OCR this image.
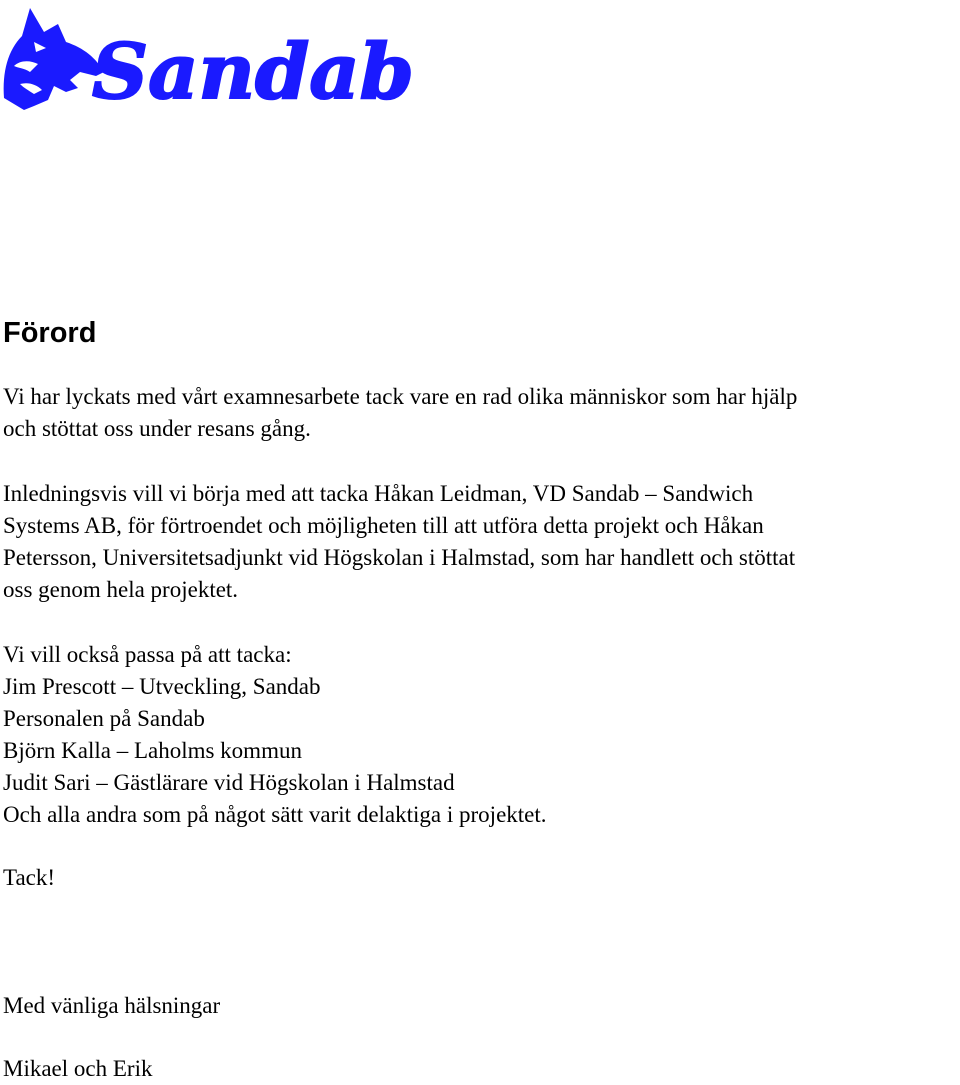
Sandab
Förord

Vi har lyckats med vårt examnesarbete tack vare en rad olika människor som har hjälp

och stöttat oss under resans gång.

Inledningsvis vill vi börja med att tacka Håkan Leidman, VD Sandab – Sandwich

Systems AB, för förtroendet och möjligheten till att utföra detta projekt och Håkan

Petersson, Universitetsadjunkt vid Högskolan i Halmstad, som har handlett och stöttat

oss genom hela projektet.

Vi vill också passa på att tacka:

Jim Prescott – Utveckling, Sandab

Personalen på Sandab

Björn Kalla – Laholms kommun

Judit Sari – Gästlärare vid Högskolan i Halmstad

Och alla andra som på något sätt varit delaktiga i projektet.

Tack!

Med vänliga hälsningar

Mikael och Erik
